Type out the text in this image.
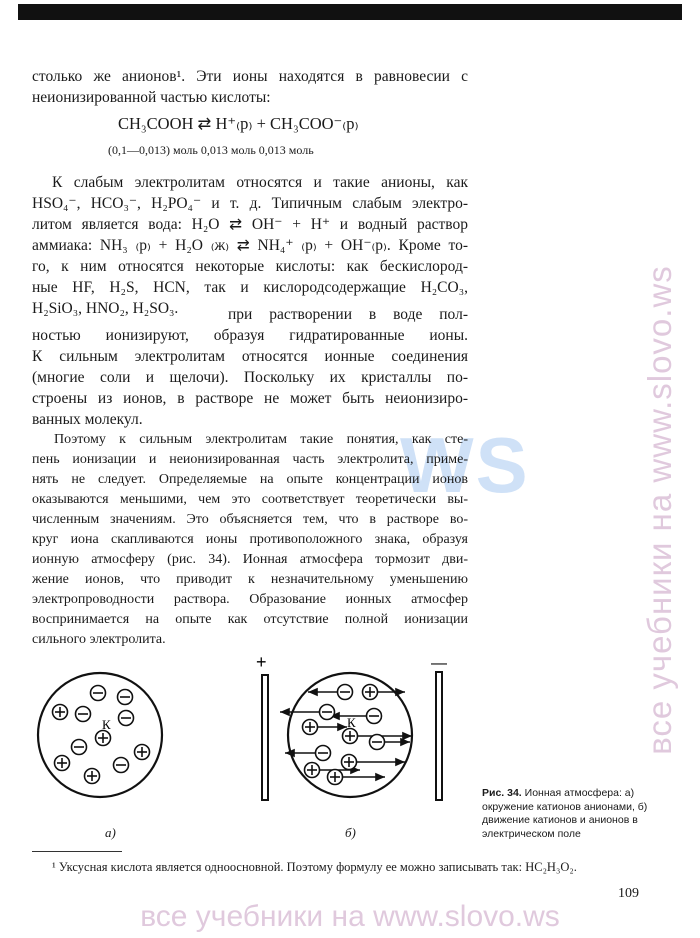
WS	все учебники на www.slovo.ws
столько же анионов¹. Эти ионы находятся в равновесии с
неионизированной частью кислоты:
CH₃COOH ⇄ H⁺₍р₎ + CH₃COO⁻₍р₎
(0,1—0,013) моль 0,013 моль 0,013 моль
К слабым электролитам относятся и такие анионы, как
HSO₄⁻, HCO₃⁻, H₂PO₄⁻ и т. д. Типичным слабым электро-
литом является вода: H₂O ⇄ OH⁻ + H⁺ и водный раствор
аммиака: NH₃ ₍р₎ + H₂O ₍ж₎ ⇄ NH₄⁺ ₍р₎ + OH⁻₍р₎. Кроме то-
го, к ним относятся некоторые кислоты: как бескислород-
ные HF, H₂S, HCN, так и кислородсодержащие H₂CO₃,
H₂SiO₃, HNO₂, H₂SO₃.	при растворении в воде пол-
ностью ионизируют, образуя гидратированные ионы.
К сильным электролитам относятся ионные соединения
(многие соли и щелочи). Поскольку их кристаллы по-
строены из ионов, в растворе не может быть неионизиро-
ванных молекул.
Поэтому к сильным электролитам такие понятия, как сте-
пень ионизации и неионизированная часть электролита, приме-
нять не следует. Определяемые на опыте концентрации ионов
оказываются меньшими, чем это соответствует теоретически вы-
численным значениям. Это объясняется тем, что в растворе во-
круг иона скапливаются ионы противоположного знака, образуя
ионную атмосферу (рис. 34). Ионная атмосфера тормозит дви-
жение ионов, что приводит к незначительному уменьшению
электропроводности раствора. Образование ионных атмосфер
воспринимается на опыте как отсутствие полной ионизации
сильного электролита.
+	—
К	К
а)	б)
Рис. 34. Ионная атмосфера: а) окружение катионов анионами, б) движение катионов и анионов в электрическом поле
¹ Уксусная кислота является одноосновной. Поэтому формулу ее можно записывать так: HC₂H₃O₂.
109
все учебники на www.slovo.ws
